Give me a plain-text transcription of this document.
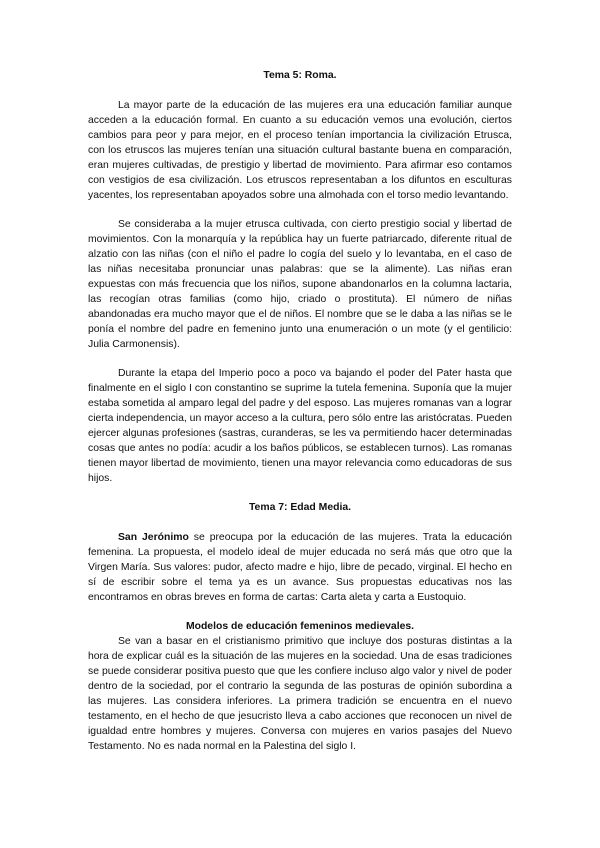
Tema 5: Roma.

La mayor parte de la educación de las mujeres era una educación familiar aunque acceden a la educación formal. En cuanto a su educación vemos una evolución, ciertos cambios para peor y para mejor, en el proceso tenían importancia la civilización Etrusca, con los etruscos las mujeres tenían una situación cultural bastante buena en comparación, eran mujeres cultivadas, de prestigio y libertad de movimiento. Para afirmar eso contamos con vestigios de esa civilización. Los etruscos representaban a los difuntos en esculturas yacentes, los representaban apoyados sobre una almohada con el torso medio levantando.

Se consideraba a la mujer etrusca cultivada, con cierto prestigio social y libertad de movimientos. Con la monarquía y la república hay un fuerte patriarcado, diferente ritual de alzatio con las niñas (con el niño el padre lo cogía del suelo y lo levantaba, en el caso de las niñas necesitaba pronunciar unas palabras: que se la alimente). Las niñas eran expuestas con más frecuencia que los niños, supone abandonarlos en la columna lactaria, las recogían otras familias (como hijo, criado o prostituta). El número de niñas abandonadas era mucho mayor que el de niños. El nombre que se le daba a las niñas se le ponía el nombre del padre en femenino junto una enumeración o un mote (y el gentilicio: Julia Carmonensis).

Durante la etapa del Imperio poco a poco va bajando el poder del Pater hasta que finalmente en el siglo I con constantino se suprime la tutela femenina. Suponía que la mujer estaba sometida al amparo legal del padre y del esposo. Las mujeres romanas van a lograr cierta independencia, un mayor acceso a la cultura, pero sólo entre las aristócratas. Pueden ejercer algunas profesiones (sastras, curanderas, se les va permitiendo hacer determinadas cosas que antes no podía: acudir a los baños públicos, se establecen turnos). Las romanas tienen mayor libertad de movimiento, tienen una mayor relevancia como educadoras de sus hijos.

Tema 7: Edad Media.

San Jerónimo se preocupa por la educación de las mujeres. Trata la educación femenina. La propuesta, el modelo ideal de mujer educada no será más que otro que la Virgen María. Sus valores: pudor, afecto madre e hijo, libre de pecado, virginal. El hecho en sí de escribir sobre el tema ya es un avance. Sus propuestas educativas nos las encontramos en obras breves en forma de cartas: Carta aleta y carta a Eustoquio.

Modelos de educación femeninos medievales.

Se van a basar en el cristianismo primitivo que incluye dos posturas distintas a la hora de explicar cuál es la situación de las mujeres en la sociedad. Una de esas tradiciones se puede considerar positiva puesto que que les confiere incluso algo valor y nivel de poder dentro de la sociedad, por el contrario la segunda de las posturas de opinión subordina a las mujeres. Las considera inferiores. La primera tradición se encuentra en el nuevo testamento, en el hecho de que jesucristo lleva a cabo acciones que reconocen un nivel de igualdad entre hombres y mujeres. Conversa con mujeres en varios pasajes del Nuevo Testamento. No es nada normal en la Palestina del siglo I.
